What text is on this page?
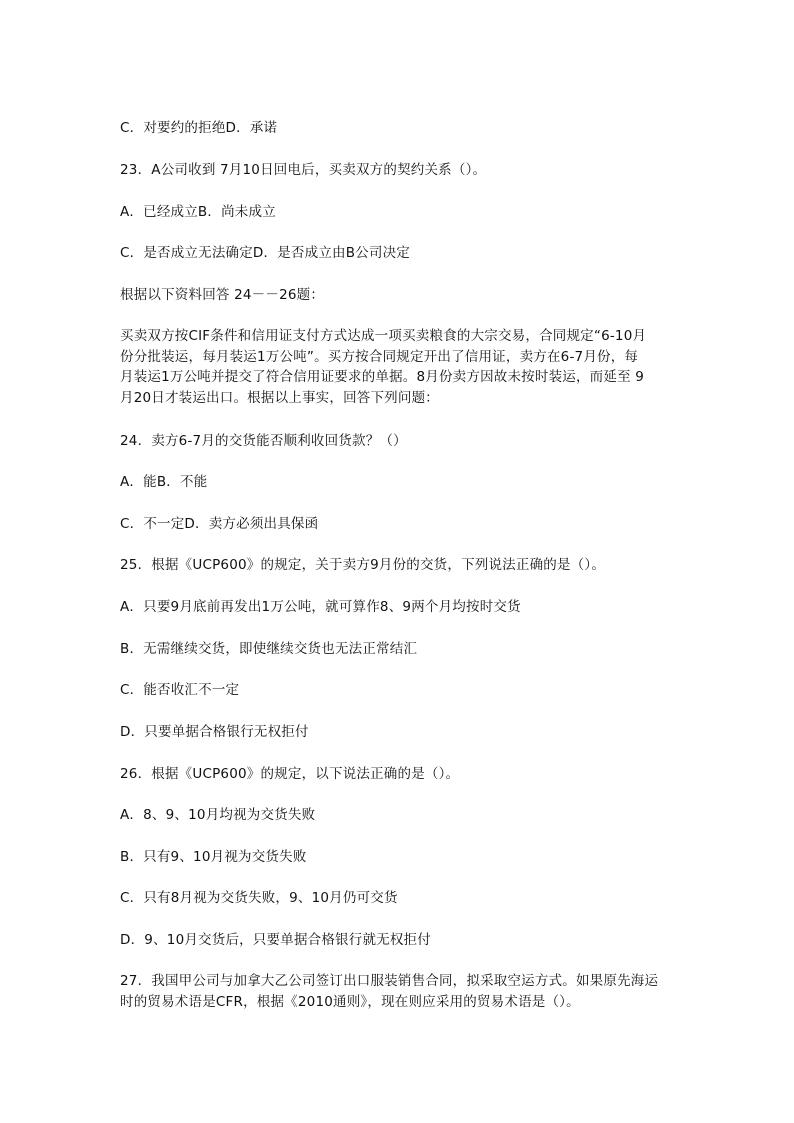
C．对要约的拒绝D．承诺
23．A公司收到 7月10日回电后，买卖双方的契约关系（）。
A．已经成立B．尚未成立
C．是否成立无法确定D．是否成立由B公司决定
根据以下资料回答 24－－26题：
买卖双方按CIF条件和信用证支付方式达成一项买卖粮食的大宗交易，合同规定“6-10月
份分批装运，每月装运1万公吨”。买方按合同规定开出了信用证，卖方在6-7月份，每
月装运1万公吨并提交了符合信用证要求的单据。8月份卖方因故未按时装运，而延至 9
月20日才装运出口。根据以上事实，回答下列问题：
24．卖方6-7月的交货能否顺利收回货款？（）
A．能B．不能
C．不一定D．卖方必须出具保函
25．根据《UCP600》的规定，关于卖方9月份的交货，下列说法正确的是（）。
A．只要9月底前再发出1万公吨，就可算作8、9两个月均按时交货
B．无需继续交货，即使继续交货也无法正常结汇
C．能否收汇不一定
D．只要单据合格银行无权拒付
26．根据《UCP600》的规定，以下说法正确的是（）。
A．8、9、10月均视为交货失败
B．只有9、10月视为交货失败
C．只有8月视为交货失败，9、10月仍可交货
D．9、10月交货后，只要单据合格银行就无权拒付
27．我国甲公司与加拿大乙公司签订出口服装销售合同，拟采取空运方式。如果原先海运
时的贸易术语是CFR，根据《2010通则》，现在则应采用的贸易术语是（）。
